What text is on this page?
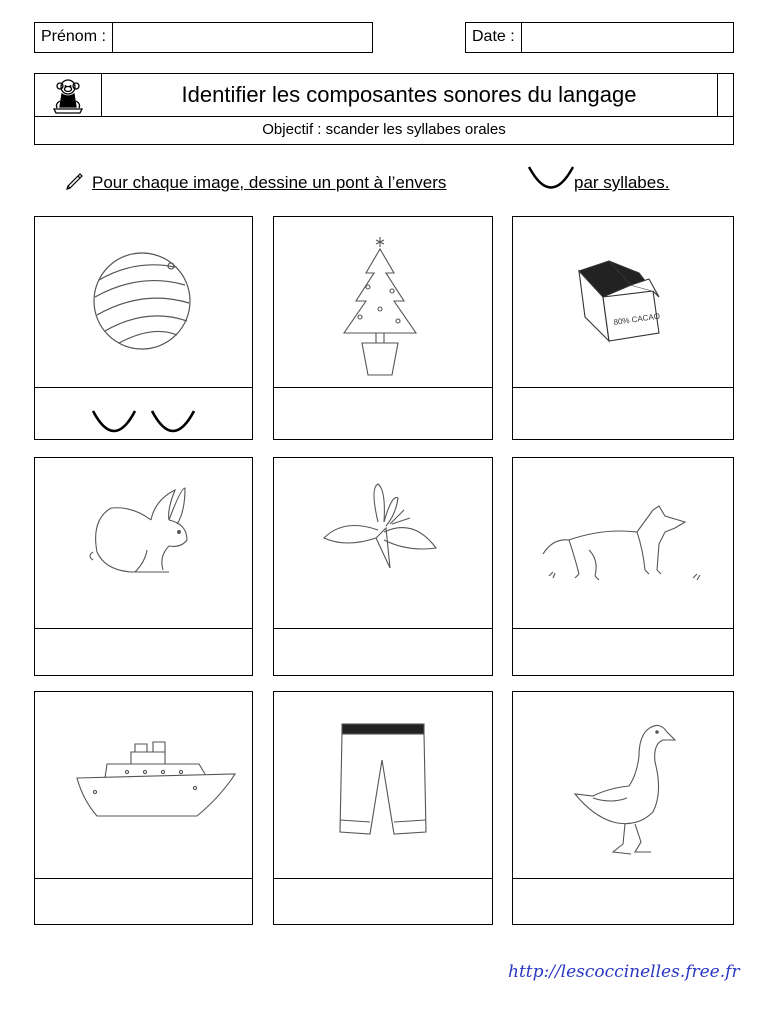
Prénom :	Date :
Identifier les composantes sonores du langage
Objectif : scander les syllabes orales
Pour chaque image, dessine un pont à l’envers	par syllabes.
80% CACAO
http://lescoccinelles.free.fr
